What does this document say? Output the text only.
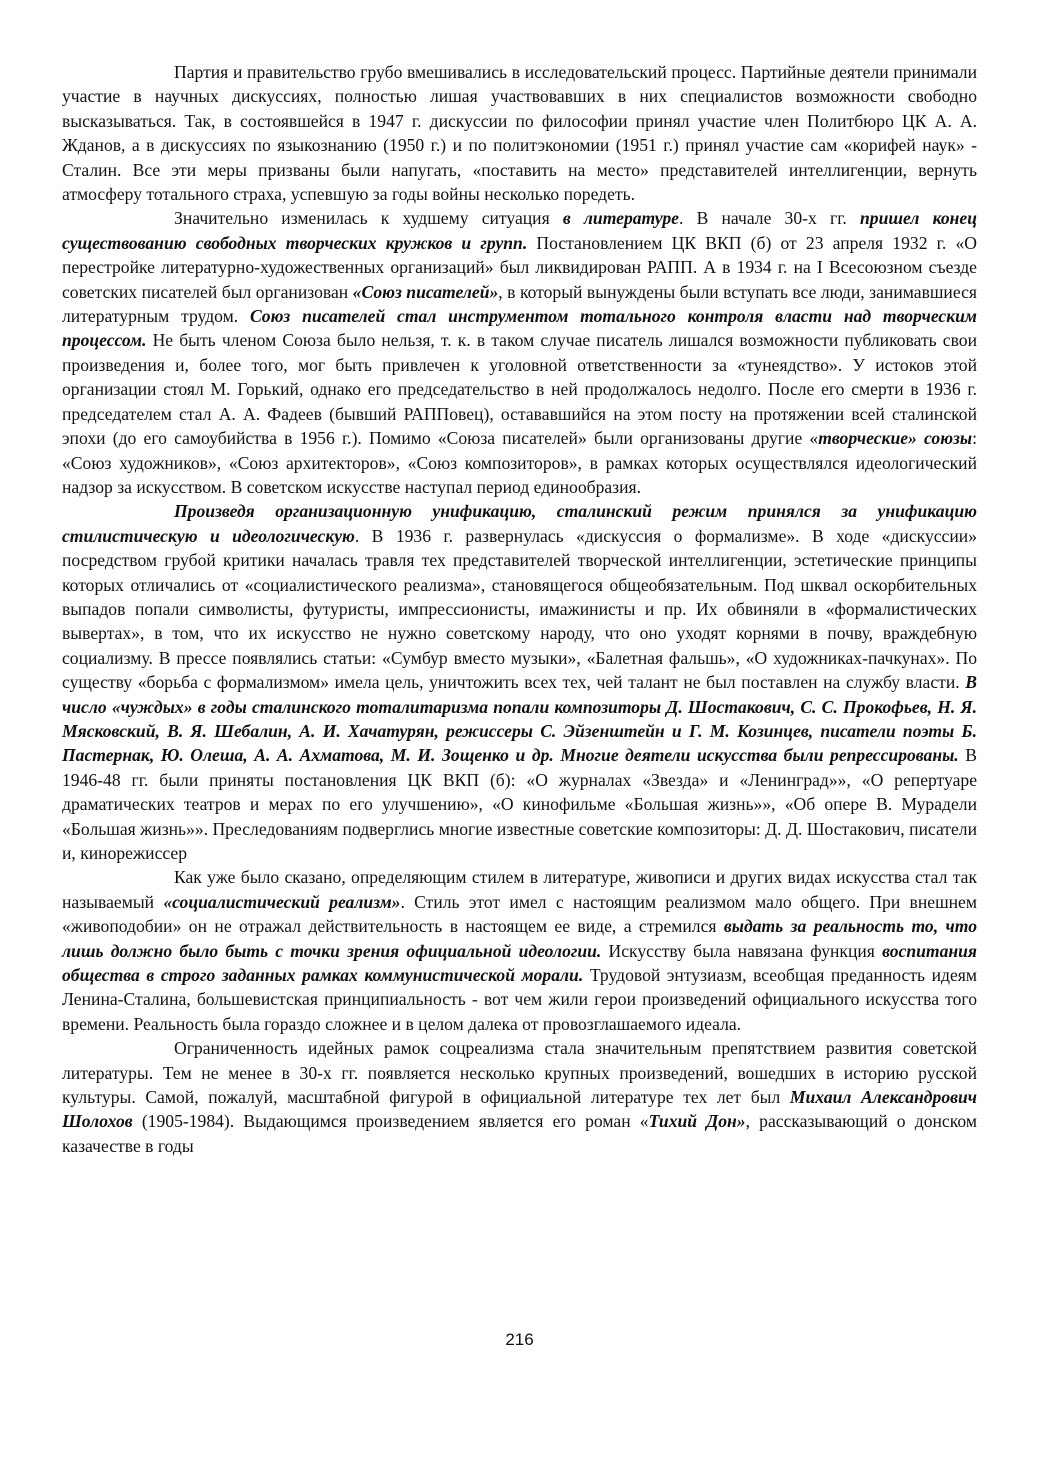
Партия и правительство грубо вмешивались в исследовательский процесс. Партийные деятели принимали участие в научных дискуссиях, полностью лишая участвовавших в них специалистов возможности свободно высказываться. Так, в состоявшейся в 1947 г. дискуссии по философии принял участие член Политбюро ЦК А. А. Жданов, а в дискуссиях по языкознанию (1950 г.) и по политэкономии (1951 г.) принял участие сам «корифей наук» - Сталин. Все эти меры призваны были напугать, «поставить на место» представителей интеллигенции, вернуть атмосферу тотального страха, успевшую за годы войны несколько поредеть.

Значительно изменилась к худшему ситуация в литературе. В начале 30-х гг. пришел конец существованию свободных творческих кружков и групп. Постановлением ЦК ВКП (б) от 23 апреля 1932 г. «О перестройке литературно-художественных организаций» был ликвидирован РАПП. А в 1934 г. на I Всесоюзном съезде советских писателей был организован «Союз писателей», в который вынуждены были вступать все люди, занимавшиеся литературным трудом. Союз писателей стал инструментом тотального контроля власти над творческим процессом. Не быть членом Союза было нельзя, т. к. в таком случае писатель лишался возможности публиковать свои произведения и, более того, мог быть привлечен к уголовной ответственности за «тунеядство». У истоков этой организации стоял М. Горький, однако его председательство в ней продолжалось недолго. После его смерти в 1936 г. председателем стал А. А. Фадеев (бывший РАППовец), остававшийся на этом посту на протяжении всей сталинской эпохи (до его самоубийства в 1956 г.). Помимо «Союза писателей» были организованы другие «творческие» союзы: «Союз художников», «Союз архитекторов», «Союз композиторов», в рамках которых осуществлялся идеологический надзор за искусством. В советском искусстве наступал период единообразия.

Произведя организационную унификацию, сталинский режим принялся за унификацию стилистическую и идеологическую. В 1936 г. развернулась «дискуссия о формализме». В ходе «дискуссии» посредством грубой критики началась травля тех представителей творческой интеллигенции, эстетические принципы которых отличались от «социалистического реализма», становящегося общеобязательным. Под шквал оскорбительных выпадов попали символисты, футуристы, импрессионисты, имажинисты и пр. Их обвиняли в «формалистических вывертах», в том, что их искусство не нужно советскому народу, что оно уходят корнями в почву, враждебную социализму. В прессе появлялись статьи: «Сумбур вместо музыки», «Балетная фальшь», «О художниках-пачкунах». По существу «борьба с формализмом» имела цель, уничтожить всех тех, чей талант не был поставлен на службу власти. В число «чуждых» в годы сталинского тоталитаризма попали композиторы Д. Шостакович, С. С. Прокофьев, Н. Я. Мясковский, В. Я. Шебалин, А. И. Хачатурян, режиссеры С. Эйзенштейн и Г. М. Козинцев, писатели поэты Б. Пастернак, Ю. Олеша, А. А. Ахматова, М. И. Зощенко и др. Многие деятели искусства были репрессированы. В 1946-48 гг. были приняты постановления ЦК ВКП (б): «О журналах «Звезда» и «Ленинград»», «О репертуаре драматических театров и мерах по его улучшению», «О кинофильме «Большая жизнь»», «Об опере В. Мурадели «Большая жизнь»». Преследованиям подверглись многие известные советские композиторы: Д. Д. Шостакович, писатели и, кинорежиссер

Как уже было сказано, определяющим стилем в литературе, живописи и других видах искусства стал так называемый «социалистический реализм». Стиль этот имел с настоящим реализмом мало общего. При внешнем «живоподобии» он не отражал действительность в настоящем ее виде, а стремился выдать за реальность то, что лишь должно было быть с точки зрения официальной идеологии. Искусству была навязана функция воспитания общества в строго заданных рамках коммунистической морали. Трудовой энтузиазм, всеобщая преданность идеям Ленина-Сталина, большевистская принципиальность - вот чем жили герои произведений официального искусства того времени. Реальность была гораздо сложнее и в целом далека от провозглашаемого идеала.

Ограниченность идейных рамок соцреализма стала значительным препятствием развития советской литературы. Тем не менее в 30-х гг. появляется несколько крупных произведений, вошедших в историю русской культуры. Самой, пожалуй, масштабной фигурой в официальной литературе тех лет был Михаил Александрович Шолохов (1905-1984). Выдающимся произведением является его роман «Тихий Дон», рассказывающий о донском казачестве в годы

216
